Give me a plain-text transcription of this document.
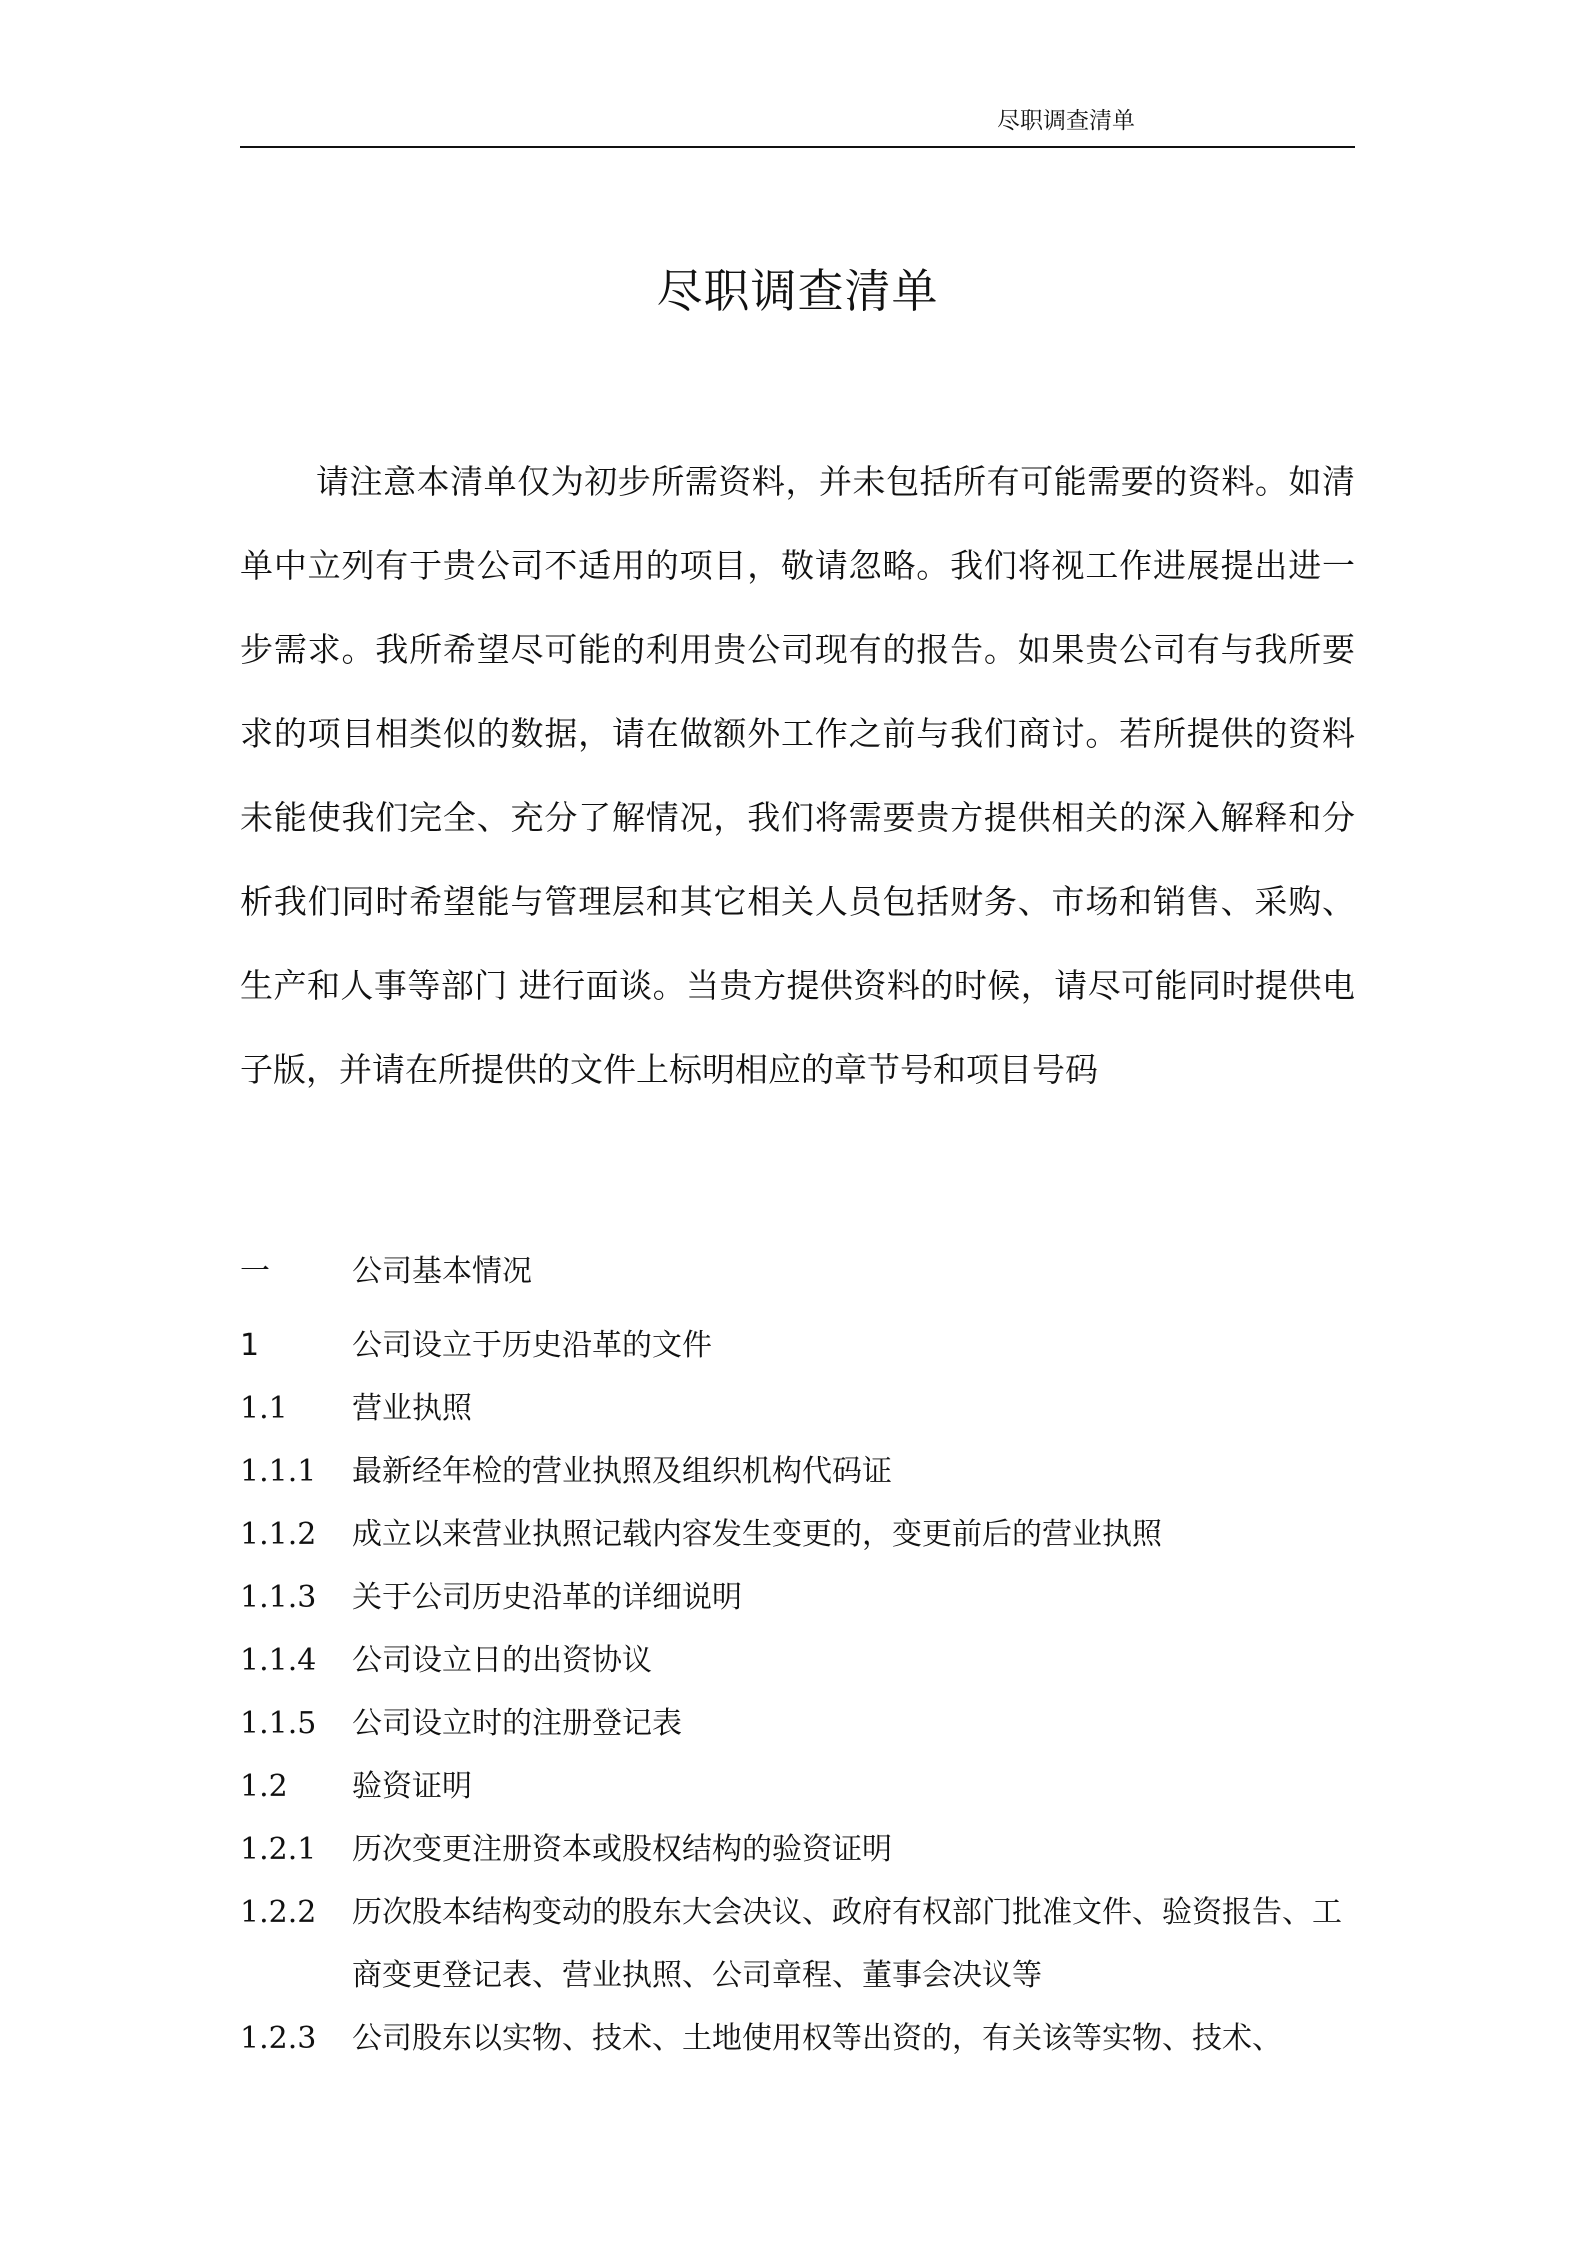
尽职调查清单
尽职调查清单

请注意本清单仅为初步所需资料，并未包括所有可能需要的资料。如清单中立列有于贵公司不适用的项目，敬请忽略。我们将视工作进展提出进一步需求。我所希望尽可能的利用贵公司现有的报告。如果贵公司有与我所要求的项目相类似的数据，请在做额外工作之前与我们商讨。若所提供的资料未能使我们完全、充分了解情况，我们将需要贵方提供相关的深入解释和分析我们同时希望能与管理层和其它相关人员包括财务、市场和销售、采购、生产和人事等部门 进行面谈。当贵方提供资料的时候，请尽可能同时提供电子版，并请在所提供的文件上标明相应的章节号和项目号码

一	公司基本情况
1	公司设立于历史沿革的文件
1.1	营业执照
1.1.1	最新经年检的营业执照及组织机构代码证
1.1.2	成立以来营业执照记载内容发生变更的，变更前后的营业执照
1.1.3	关于公司历史沿革的详细说明
1.1.4	公司设立日的出资协议
1.1.5	公司设立时的注册登记表
1.2	验资证明
1.2.1	历次变更注册资本或股权结构的验资证明
1.2.2	历次股本结构变动的股东大会决议、政府有权部门批准文件、验资报告、工商变更登记表、营业执照、公司章程、董事会决议等
1.2.3	公司股东以实物、技术、土地使用权等出资的，有关该等实物、技术、
